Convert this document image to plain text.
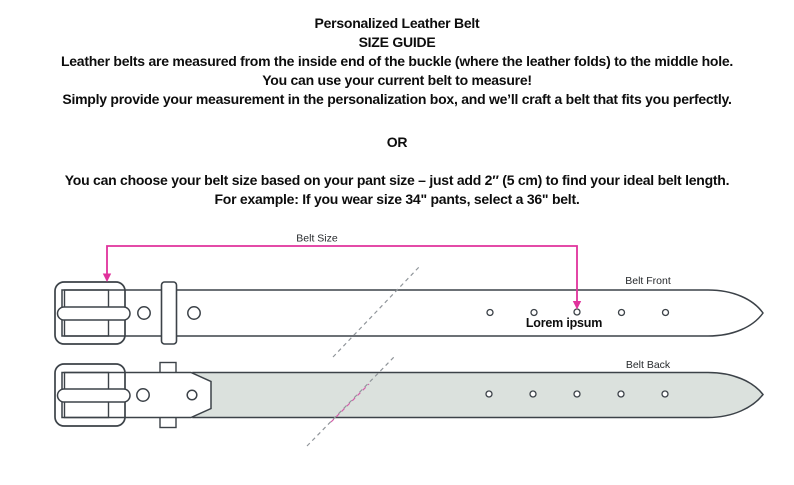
Personalized Leather Belt
SIZE GUIDE
Leather belts are measured from the inside end of the buckle (where the leather folds) to the middle hole.
You can use your current belt to measure!
Simply provide your measurement in the personalization box, and we’ll craft a belt that fits you perfectly.
OR
You can choose your belt size based on your pant size – just add 2″ (5 cm) to find your ideal belt length.
For example: If you wear size 34" pants, select a 36" belt.
Belt Size
Belt Front
Belt Back
Lorem ipsum
